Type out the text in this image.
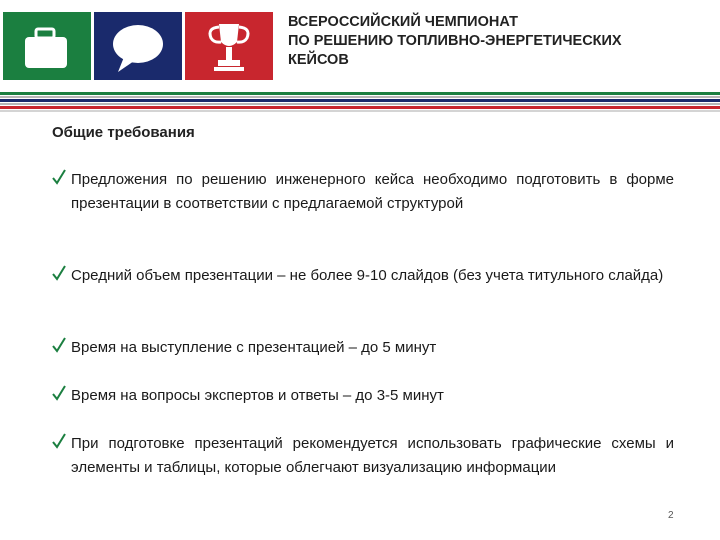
ВСЕРОССИЙСКИЙ ЧЕМПИОНАТ
ПО РЕШЕНИЮ ТОПЛИВНО-ЭНЕРГЕТИЧЕСКИХ
КЕЙСОВ
Общие требования
Предложения по решению инженерного кейса необходимо подготовить в форме презентации в соответствии с предлагаемой структурой
Средний объем презентации – не более 9-10 слайдов (без учета титульного слайда)
Время на выступление с презентацией – до 5 минут
Время на вопросы экспертов и ответы – до 3-5 минут
При подготовке презентаций рекомендуется использовать графические схемы и элементы и таблицы, которые облегчают визуализацию информации
2
